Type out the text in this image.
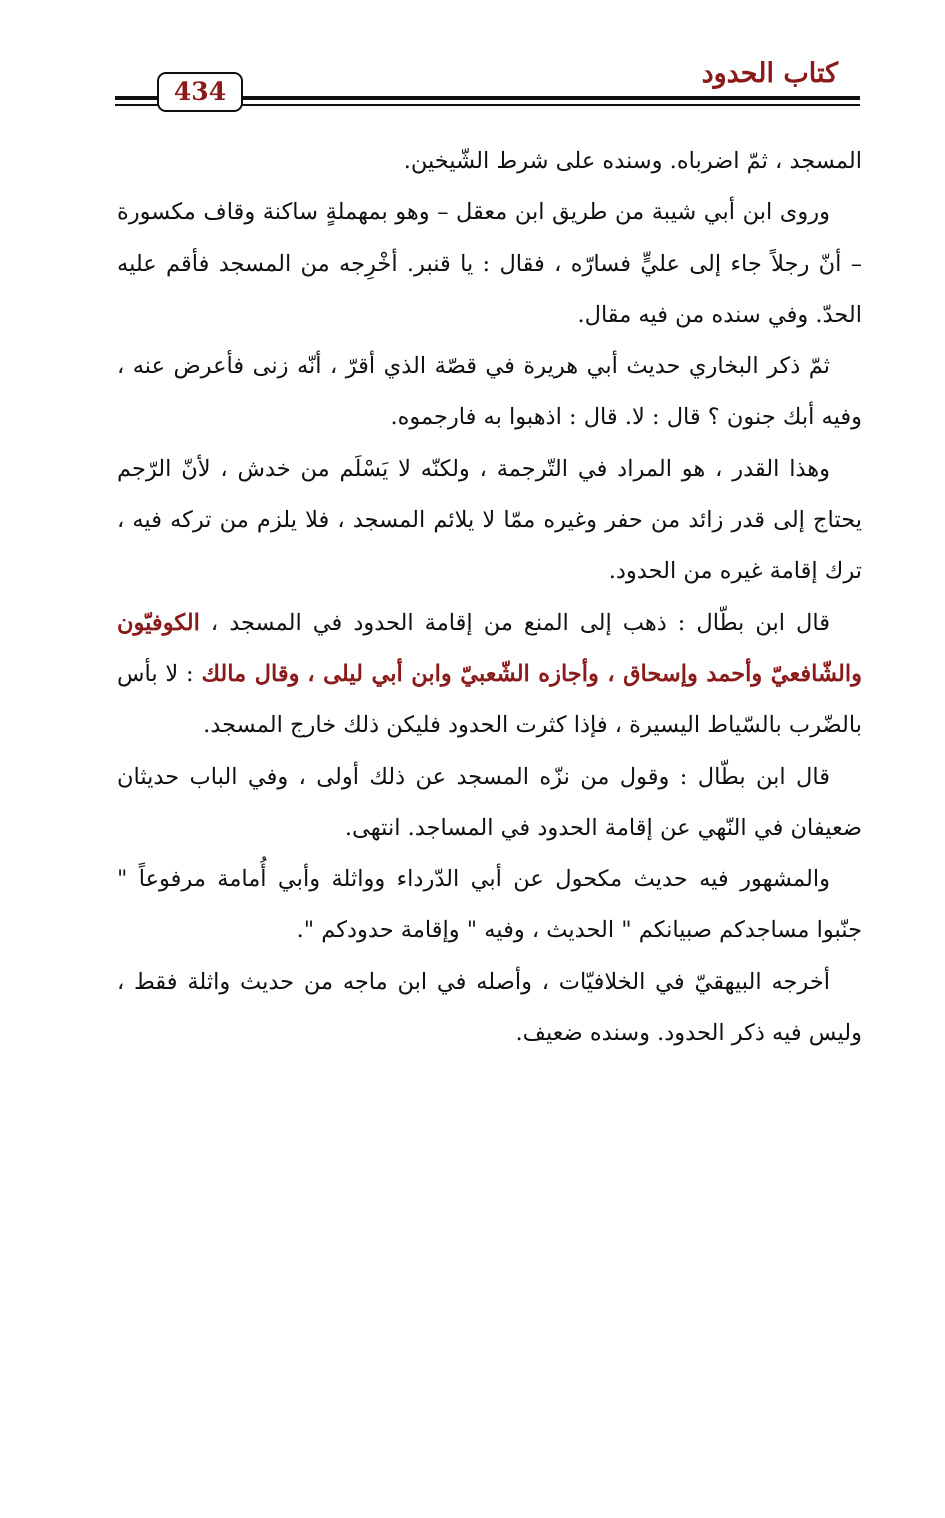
كتاب الحدود
434

المسجد ، ثمّ اضرباه. وسنده على شرط الشّيخين.

وروى ابن أبي شيبة من طريق ابن معقل – وهو بمهملةٍ ساكنة وقاف مكسورة – أنّ رجلاً جاء إلى عليٍّ فسارّه ، فقال : يا قنبر. أخْرِجه من المسجد فأقم عليه الحدّ. وفي سنده من فيه مقال.

ثمّ ذكر البخاري حديث أبي هريرة في قصّة الذي أقرّ ، أنّه زنى فأعرض عنه ، وفيه أبك جنون ؟ قال : لا. قال : اذهبوا به فارجموه.

وهذا القدر ، هو المراد في التّرجمة ، ولكنّه لا يَسْلَم من خدش ، لأنّ الرّجم يحتاج إلى قدر زائد من حفر وغيره ممّا لا يلائم المسجد ، فلا يلزم من تركه فيه ، ترك إقامة غيره من الحدود.

قال ابن بطّال : ذهب إلى المنع من إقامة الحدود في المسجد ، الكوفيّون والشّافعيّ وأحمد وإسحاق ، وأجازه الشّعبيّ وابن أبي ليلى ، وقال مالك : لا بأس بالضّرب بالسّياط اليسيرة ، فإذا كثرت الحدود فليكن ذلك خارج المسجد.

قال ابن بطّال : وقول من نزّه المسجد عن ذلك أولى ، وفي الباب حديثان ضعيفان في النّهي عن إقامة الحدود في المساجد. انتهى.

والمشهور فيه حديث مكحول عن أبي الدّرداء وواثلة وأبي أُمامة مرفوعاً " جنّبوا مساجدكم صبيانكم " الحديث ، وفيه " وإقامة حدودكم ".

أخرجه البيهقيّ في الخلافيّات ، وأصله في ابن ماجه من حديث واثلة فقط ، وليس فيه ذكر الحدود. وسنده ضعيف.
